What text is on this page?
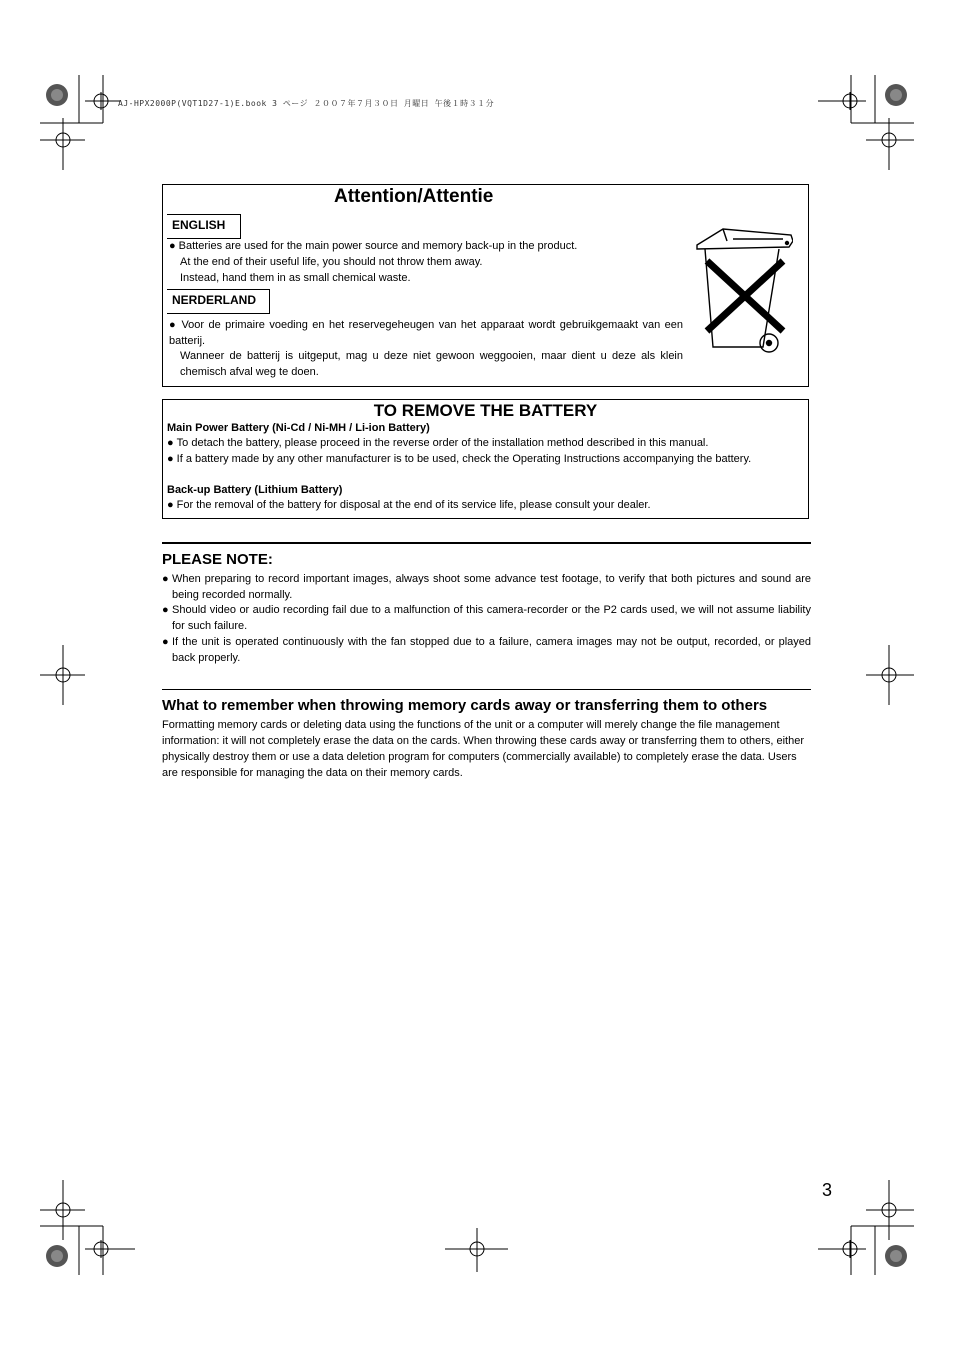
AJ-HPX2000P(VQT1D27-1)E.book 3 ページ ２００７年７月３０日 月曜日 午後１時３１分
Attention/Attentie
ENGLISH
● Batteries are used for the main power source and memory back-up in the product.
At the end of their useful life, you should not throw them away.
Instead, hand them in as small chemical waste.
NERDERLAND
● Voor de primaire voeding en het reservegeheugen van het apparaat wordt gebruikgemaakt van een batterij.
Wanneer de batterij is uitgeput, mag u deze niet gewoon weggooien, maar dient u deze als klein chemisch afval weg te doen.
TO REMOVE THE BATTERY
Main Power Battery (Ni-Cd / Ni-MH / Li-ion Battery)
● To detach the battery, please proceed in the reverse order of the installation method described in this manual.
● If a battery made by any other manufacturer is to be used, check the Operating Instructions accompanying the battery.
Back-up Battery (Lithium Battery)
● For the removal of the battery for disposal at the end of its service life, please consult your dealer.
PLEASE NOTE:
● When preparing to record important images, always shoot some advance test footage, to verify that both pictures and sound are being recorded normally.
● Should video or audio recording fail due to a malfunction of this camera-recorder or the P2 cards used, we will not assume liability for such failure.
● If the unit is operated continuously with the fan stopped due to a failure, camera images may not be output, recorded, or played back properly.
What to remember when throwing memory cards away or transferring them to others
Formatting memory cards or deleting data using the functions of the unit or a computer will merely change the file management information: it will not completely erase the data on the cards. When throwing these cards away or transferring them to others, either physically destroy them or use a data deletion program for computers (commercially available) to completely erase the data. Users are responsible for managing the data on their memory cards.
3
